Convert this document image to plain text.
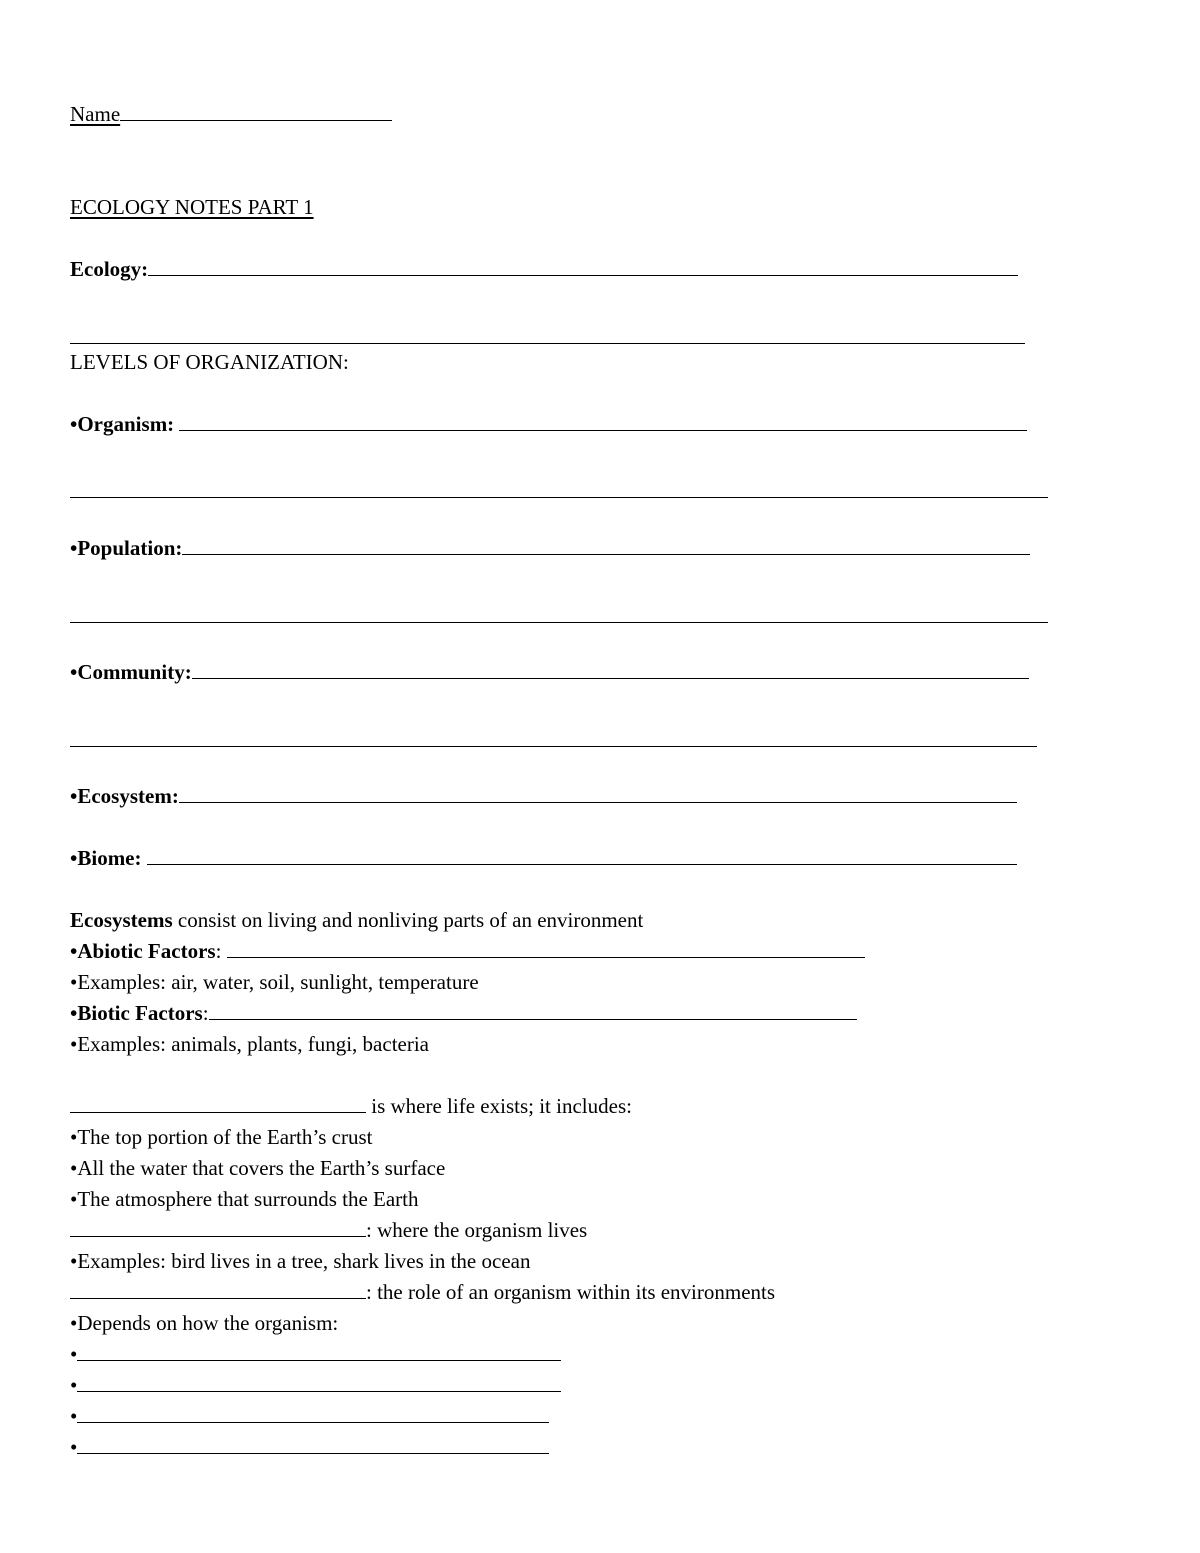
Name
ECOLOGY NOTES PART 1
Ecology:
LEVELS OF ORGANIZATION:
•Organism:
•Population:
•Community:
•Ecosystem:
•Biome:
Ecosystems consist on living and nonliving parts of an environment
•Abiotic Factors:
•Examples: air, water, soil, sunlight, temperature
•Biotic Factors:
•Examples: animals, plants, fungi, bacteria
is where life exists; it includes:
•The top portion of the Earth’s crust
•All the water that covers the Earth’s surface
•The atmosphere that surrounds the Earth
: where the organism lives
•Examples: bird lives in a tree, shark lives in the ocean
: the role of an organism within its environments
•Depends on how the organism:
•
•
•
•
